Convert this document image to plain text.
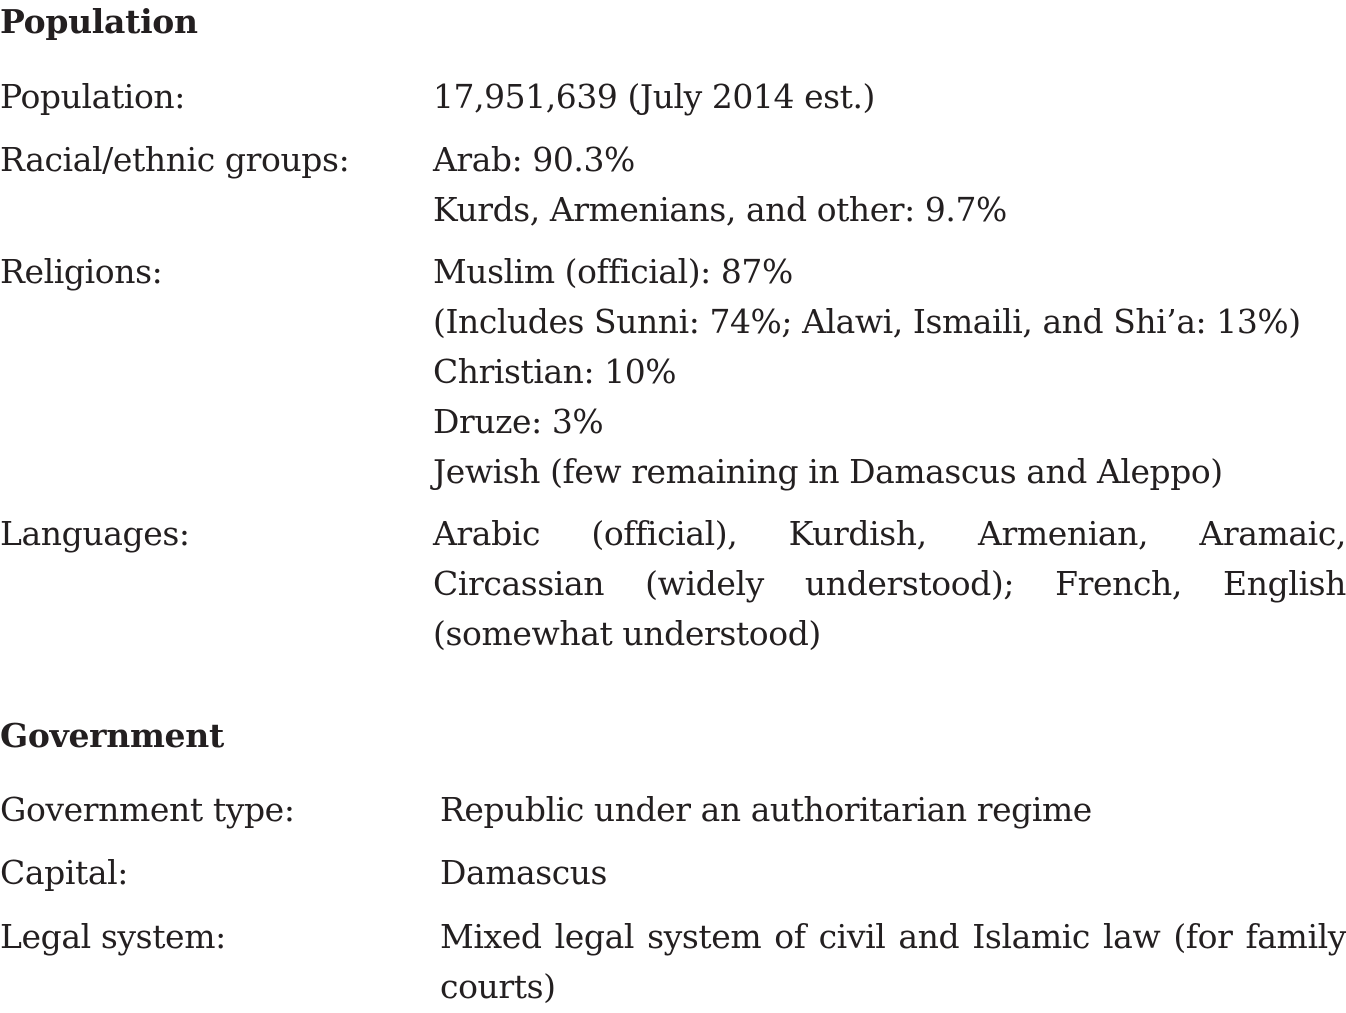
Population
Population:	17,951,639 (July 2014 est.)
Racial/ethnic groups:	Arab: 90.3%
Kurds, Armenians, and other: 9.7%
Religions:	Muslim (official): 87%
(Includes Sunni: 74%; Alawi, Ismaili, and Shi’a: 13%)
Christian: 10%
Druze: 3%
Jewish (few remaining in Damascus and Aleppo)
Languages:	Arabic (official), Kurdish, Armenian, Aramaic, Circassian (widely understood); French, English (somewhat understood)
Government
Government type:	Republic under an authoritarian regime
Capital:	Damascus
Legal system:	Mixed legal system of civil and Islamic law (for family courts)
